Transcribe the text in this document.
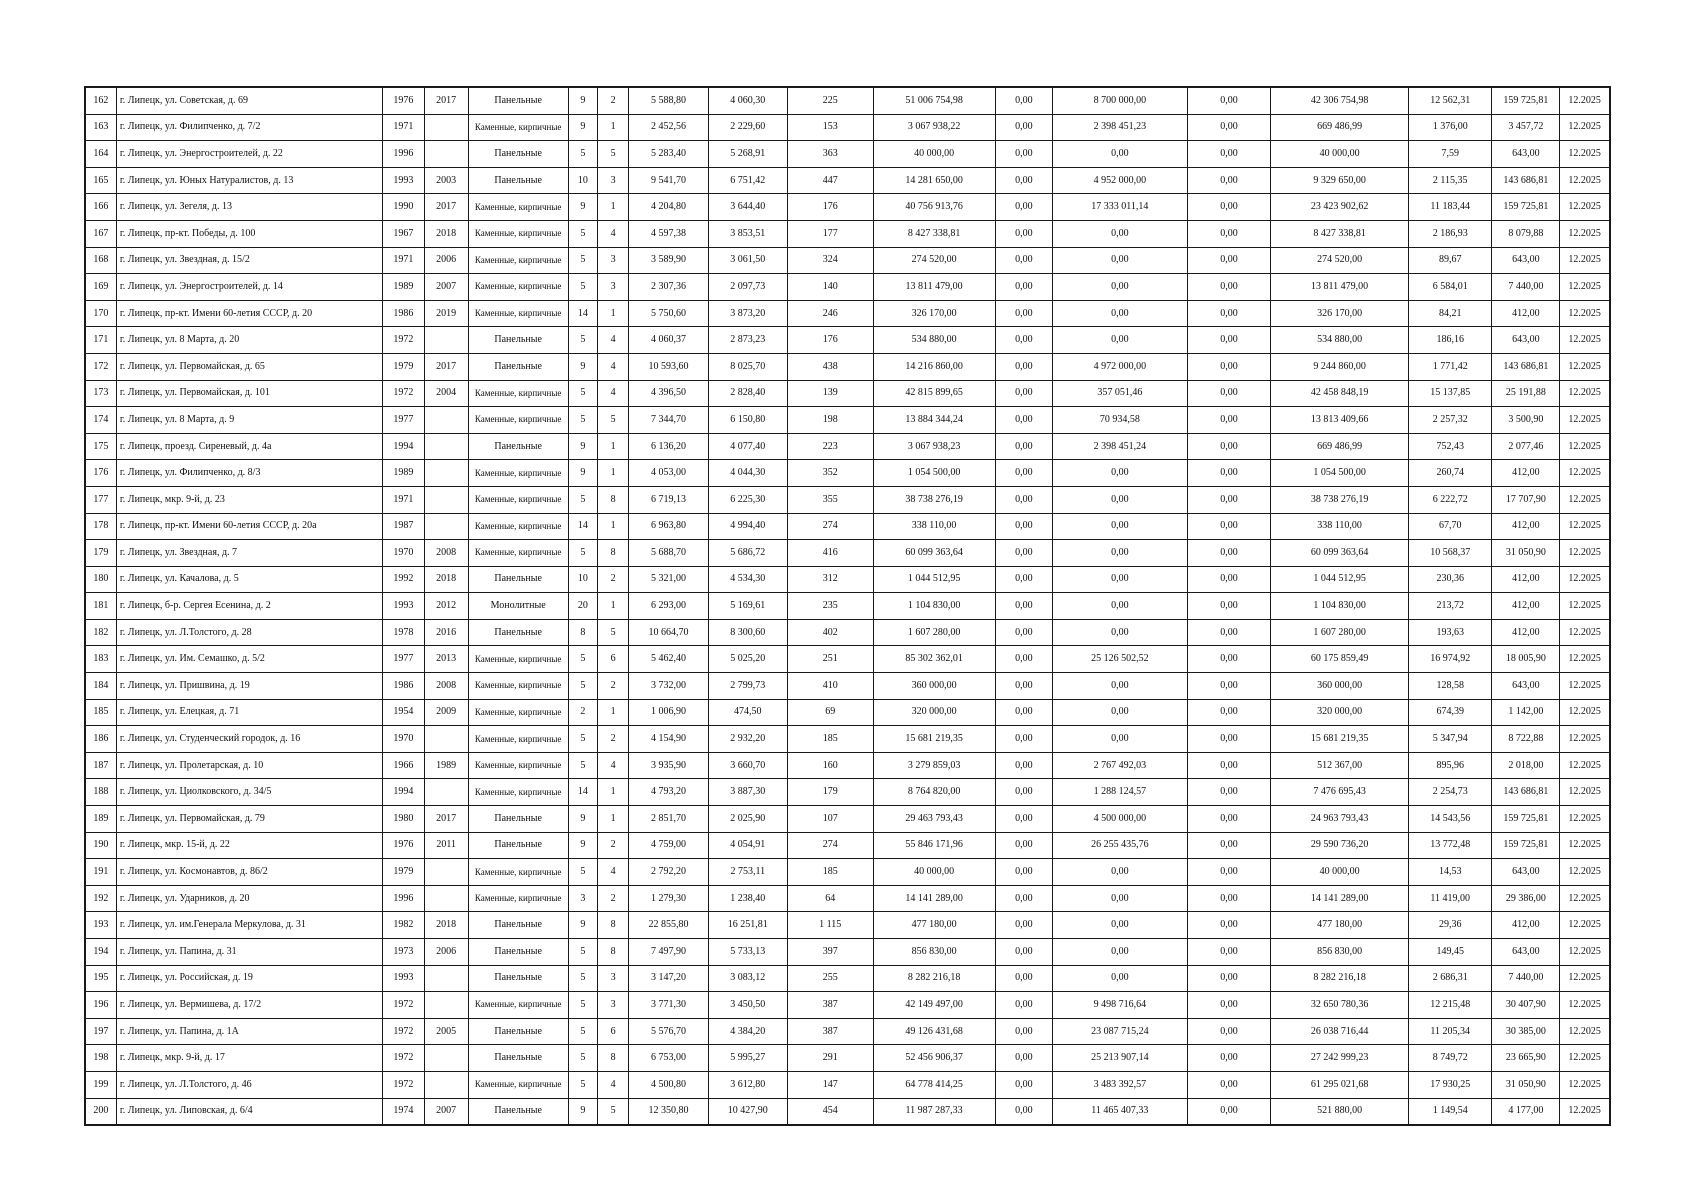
162	г. Липецк, ул. Советская, д. 69	1976	2017	Панельные	9	2	5 588,80	4 060,30	225	51 006 754,98	0,00	8 700 000,00	0,00	42 306 754,98	12 562,31	159 725,81	12.2025
163	г. Липецк, ул. Филипченко, д. 7/2	1971		Каменные, кирпичные	9	1	2 452,56	2 229,60	153	3 067 938,22	0,00	2 398 451,23	0,00	669 486,99	1 376,00	3 457,72	12.2025
164	г. Липецк, ул. Энергостроителей, д. 22	1996		Панельные	5	5	5 283,40	5 268,91	363	40 000,00	0,00	0,00	0,00	40 000,00	7,59	643,00	12.2025
165	г. Липецк, ул. Юных Натуралистов, д. 13	1993	2003	Панельные	10	3	9 541,70	6 751,42	447	14 281 650,00	0,00	4 952 000,00	0,00	9 329 650,00	2 115,35	143 686,81	12.2025
166	г. Липецк, ул. Зегеля, д. 13	1990	2017	Каменные, кирпичные	9	1	4 204,80	3 644,40	176	40 756 913,76	0,00	17 333 011,14	0,00	23 423 902,62	11 183,44	159 725,81	12.2025
167	г. Липецк, пр-кт. Победы, д. 100	1967	2018	Каменные, кирпичные	5	4	4 597,38	3 853,51	177	8 427 338,81	0,00	0,00	0,00	8 427 338,81	2 186,93	8 079,88	12.2025
168	г. Липецк, ул. Звездная, д. 15/2	1971	2006	Каменные, кирпичные	5	3	3 589,90	3 061,50	324	274 520,00	0,00	0,00	0,00	274 520,00	89,67	643,00	12.2025
169	г. Липецк, ул. Энергостроителей, д. 14	1989	2007	Каменные, кирпичные	5	3	2 307,36	2 097,73	140	13 811 479,00	0,00	0,00	0,00	13 811 479,00	6 584,01	7 440,00	12.2025
170	г. Липецк, пр-кт. Имени 60-летия СССР, д. 20	1986	2019	Каменные, кирпичные	14	1	5 750,60	3 873,20	246	326 170,00	0,00	0,00	0,00	326 170,00	84,21	412,00	12.2025
171	г. Липецк, ул. 8 Марта, д. 20	1972		Панельные	5	4	4 060,37	2 873,23	176	534 880,00	0,00	0,00	0,00	534 880,00	186,16	643,00	12.2025
172	г. Липецк, ул. Первомайская, д. 65	1979	2017	Панельные	9	4	10 593,60	8 025,70	438	14 216 860,00	0,00	4 972 000,00	0,00	9 244 860,00	1 771,42	143 686,81	12.2025
173	г. Липецк, ул. Первомайская, д. 101	1972	2004	Каменные, кирпичные	5	4	4 396,50	2 828,40	139	42 815 899,65	0,00	357 051,46	0,00	42 458 848,19	15 137,85	25 191,88	12.2025
174	г. Липецк, ул. 8 Марта, д. 9	1977		Каменные, кирпичные	5	5	7 344,70	6 150,80	198	13 884 344,24	0,00	70 934,58	0,00	13 813 409,66	2 257,32	3 500,90	12.2025
175	г. Липецк, проезд. Сиреневый, д. 4а	1994		Панельные	9	1	6 136,20	4 077,40	223	3 067 938,23	0,00	2 398 451,24	0,00	669 486,99	752,43	2 077,46	12.2025
176	г. Липецк, ул. Филипченко, д. 8/3	1989		Каменные, кирпичные	9	1	4 053,00	4 044,30	352	1 054 500,00	0,00	0,00	0,00	1 054 500,00	260,74	412,00	12.2025
177	г. Липецк, мкр. 9-й, д. 23	1971		Каменные, кирпичные	5	8	6 719,13	6 225,30	355	38 738 276,19	0,00	0,00	0,00	38 738 276,19	6 222,72	17 707,90	12.2025
178	г. Липецк, пр-кт. Имени 60-летия СССР, д. 20а	1987		Каменные, кирпичные	14	1	6 963,80	4 994,40	274	338 110,00	0,00	0,00	0,00	338 110,00	67,70	412,00	12.2025
179	г. Липецк, ул. Звездная, д. 7	1970	2008	Каменные, кирпичные	5	8	5 688,70	5 686,72	416	60 099 363,64	0,00	0,00	0,00	60 099 363,64	10 568,37	31 050,90	12.2025
180	г. Липецк, ул. Качалова, д. 5	1992	2018	Панельные	10	2	5 321,00	4 534,30	312	1 044 512,95	0,00	0,00	0,00	1 044 512,95	230,36	412,00	12.2025
181	г. Липецк, б-р. Сергея Есенина, д. 2	1993	2012	Монолитные	20	1	6 293,00	5 169,61	235	1 104 830,00	0,00	0,00	0,00	1 104 830,00	213,72	412,00	12.2025
182	г. Липецк, ул. Л.Толстого, д. 28	1978	2016	Панельные	8	5	10 664,70	8 300,60	402	1 607 280,00	0,00	0,00	0,00	1 607 280,00	193,63	412,00	12.2025
183	г. Липецк, ул. Им. Семашко, д. 5/2	1977	2013	Каменные, кирпичные	5	6	5 462,40	5 025,20	251	85 302 362,01	0,00	25 126 502,52	0,00	60 175 859,49	16 974,92	18 005,90	12.2025
184	г. Липецк, ул. Пришвина, д. 19	1986	2008	Каменные, кирпичные	5	2	3 732,00	2 799,73	410	360 000,00	0,00	0,00	0,00	360 000,00	128,58	643,00	12.2025
185	г. Липецк, ул. Елецкая, д. 71	1954	2009	Каменные, кирпичные	2	1	1 006,90	474,50	69	320 000,00	0,00	0,00	0,00	320 000,00	674,39	1 142,00	12.2025
186	г. Липецк, ул. Студенческий городок, д. 16	1970		Каменные, кирпичные	5	2	4 154,90	2 932,20	185	15 681 219,35	0,00	0,00	0,00	15 681 219,35	5 347,94	8 722,88	12.2025
187	г. Липецк, ул. Пролетарская, д. 10	1966	1989	Каменные, кирпичные	5	4	3 935,90	3 660,70	160	3 279 859,03	0,00	2 767 492,03	0,00	512 367,00	895,96	2 018,00	12.2025
188	г. Липецк, ул. Циолковского, д. 34/5	1994		Каменные, кирпичные	14	1	4 793,20	3 887,30	179	8 764 820,00	0,00	1 288 124,57	0,00	7 476 695,43	2 254,73	143 686,81	12.2025
189	г. Липецк, ул. Первомайская, д. 79	1980	2017	Панельные	9	1	2 851,70	2 025,90	107	29 463 793,43	0,00	4 500 000,00	0,00	24 963 793,43	14 543,56	159 725,81	12.2025
190	г. Липецк, мкр. 15-й, д. 22	1976	2011	Панельные	9	2	4 759,00	4 054,91	274	55 846 171,96	0,00	26 255 435,76	0,00	29 590 736,20	13 772,48	159 725,81	12.2025
191	г. Липецк, ул. Космонавтов, д. 86/2	1979		Каменные, кирпичные	5	4	2 792,20	2 753,11	185	40 000,00	0,00	0,00	0,00	40 000,00	14,53	643,00	12.2025
192	г. Липецк, ул. Ударников, д. 20	1996		Каменные, кирпичные	3	2	1 279,30	1 238,40	64	14 141 289,00	0,00	0,00	0,00	14 141 289,00	11 419,00	29 386,00	12.2025
193	г. Липецк, ул. им.Генерала Меркулова, д. 31	1982	2018	Панельные	9	8	22 855,80	16 251,81	1 115	477 180,00	0,00	0,00	0,00	477 180,00	29,36	412,00	12.2025
194	г. Липецк, ул. Папина, д. 31	1973	2006	Панельные	5	8	7 497,90	5 733,13	397	856 830,00	0,00	0,00	0,00	856 830,00	149,45	643,00	12.2025
195	г. Липецк, ул. Российская, д. 19	1993		Панельные	5	3	3 147,20	3 083,12	255	8 282 216,18	0,00	0,00	0,00	8 282 216,18	2 686,31	7 440,00	12.2025
196	г. Липецк, ул. Вермишева, д. 17/2	1972		Каменные, кирпичные	5	3	3 771,30	3 450,50	387	42 149 497,00	0,00	9 498 716,64	0,00	32 650 780,36	12 215,48	30 407,90	12.2025
197	г. Липецк, ул. Папина, д. 1А	1972	2005	Панельные	5	6	5 576,70	4 384,20	387	49 126 431,68	0,00	23 087 715,24	0,00	26 038 716,44	11 205,34	30 385,00	12.2025
198	г. Липецк, мкр. 9-й, д. 17	1972		Панельные	5	8	6 753,00	5 995,27	291	52 456 906,37	0,00	25 213 907,14	0,00	27 242 999,23	8 749,72	23 665,90	12.2025
199	г. Липецк, ул. Л.Толстого, д. 46	1972		Каменные, кирпичные	5	4	4 500,80	3 612,80	147	64 778 414,25	0,00	3 483 392,57	0,00	61 295 021,68	17 930,25	31 050,90	12.2025
200	г. Липецк, ул. Липовская, д. 6/4	1974	2007	Панельные	9	5	12 350,80	10 427,90	454	11 987 287,33	0,00	11 465 407,33	0,00	521 880,00	1 149,54	4 177,00	12.2025
